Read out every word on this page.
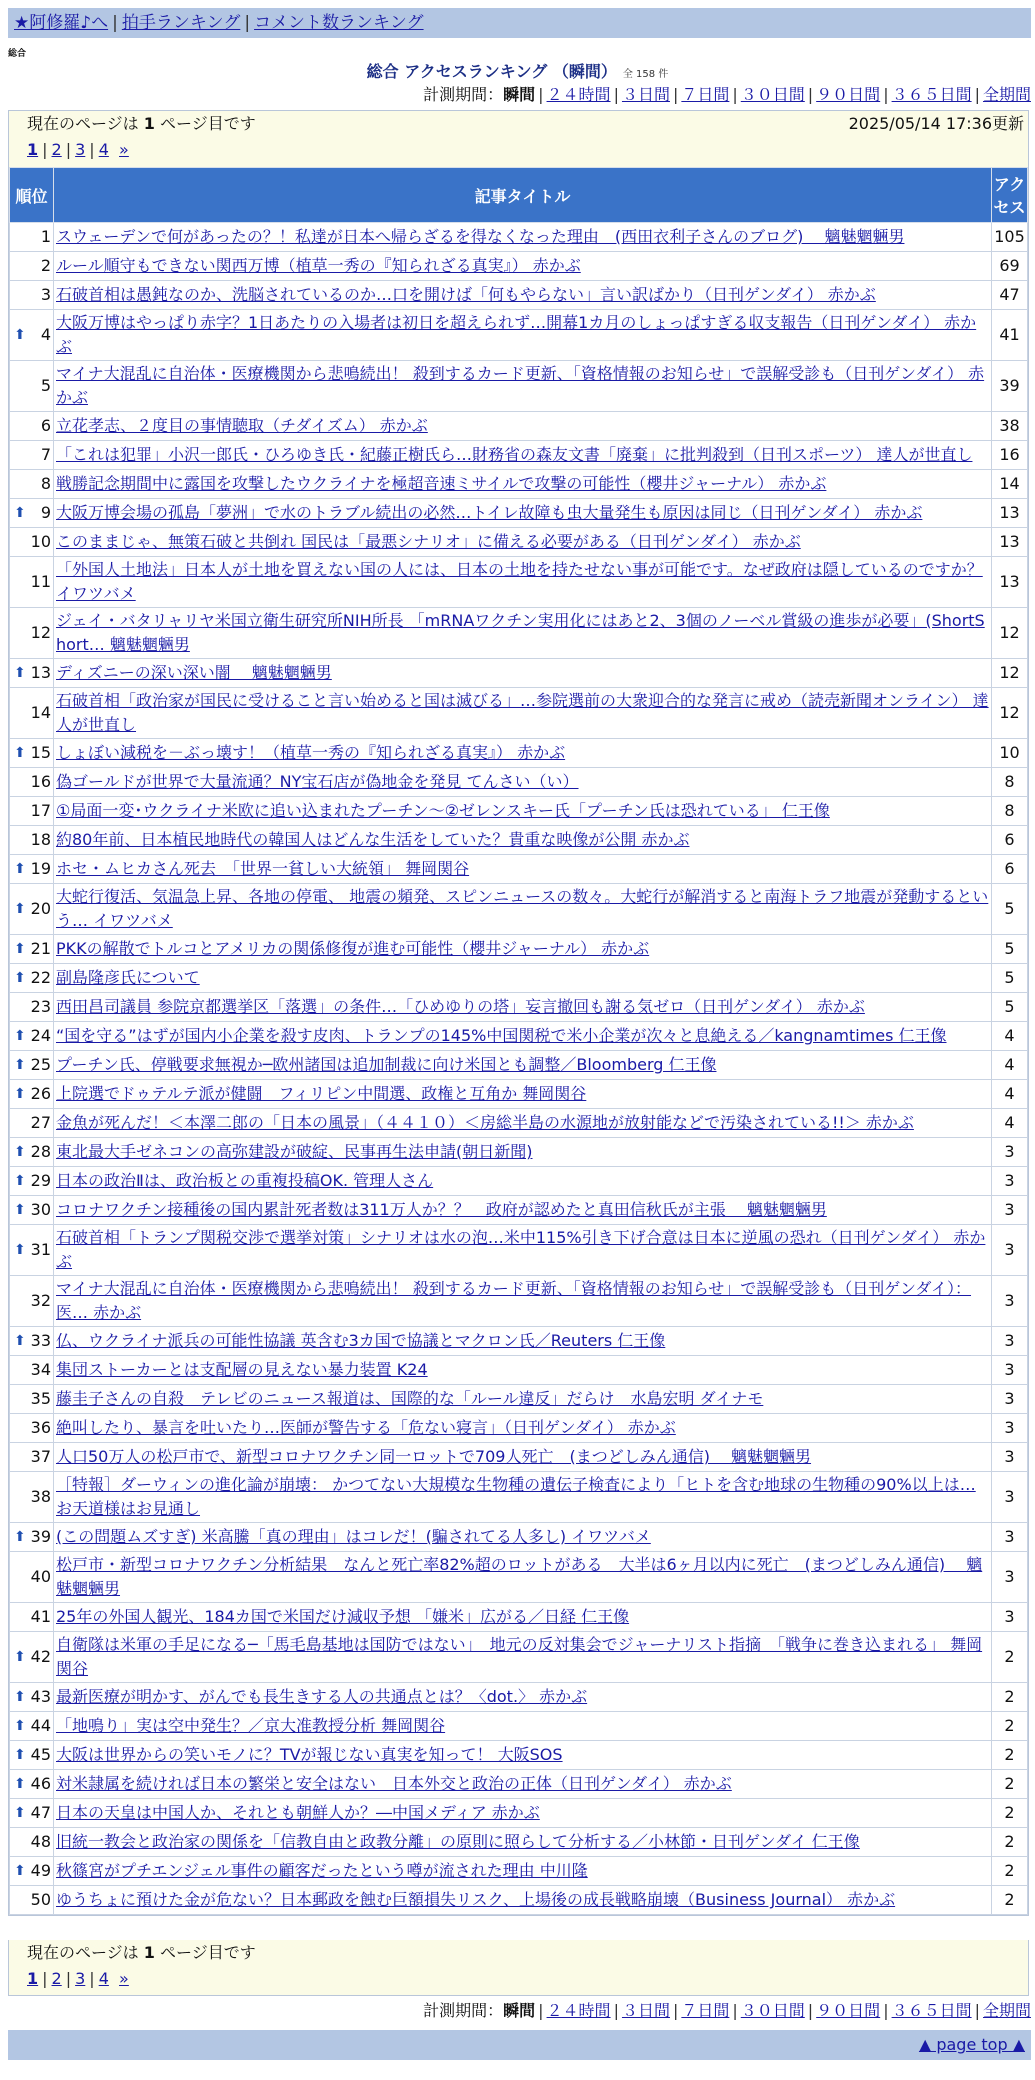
★阿修羅♪へ | 拍手ランキング | コメント数ランキング
総合
総合 アクセスランキング （瞬間） 全 158 件
計測期間：瞬間 | ２４時間 | ３日間 | ７日間 | ３０日間 | ９０日間 | ３６５日間 | 全期間
現在のページは 1 ページ目です	2025/05/14 17:36更新
1 | 2 | 3 | 4 »
順位	記事タイトル	アクセス
1	スウェーデンで何があったの？！私達が日本へ帰らざるを得なくなった理由　(西田衣利子さんのブログ)　 魑魅魍魎男	105
2	ルール順守もできない関西万博（植草一秀の『知られざる真実』） 赤かぶ	69
3	石破首相は愚鈍なのか、洗脳されているのか…口を開けば「何もやらない」言い訳ばかり（日刊ゲンダイ） 赤かぶ	47

⬆ 4	大阪万博はやっぱり赤字？1日あたりの入場者は初日を超えられず…開幕1カ月のしょっぱすぎる収支報告（日刊ゲンダイ） 赤かぶ	41
5	マイナ大混乱に自治体・医療機関から悲鳴続出！ 殺到するカード更新、「資格情報のお知らせ」で誤解受診も（日刊ゲンダイ） 赤かぶ	39
6	立花孝志、２度目の事情聴取（チダイズム） 赤かぶ	38
7	「これは犯罪」小沢一郎氏・ひろゆき氏・紀藤正樹氏ら…財務省の森友文書「廃棄」に批判殺到（日刊スポーツ） 達人が世直し	16
8	戦勝記念期間中に露国を攻撃したウクライナを極超音速ミサイルで攻撃の可能性（櫻井ジャーナル） 赤かぶ	14

⬆ 9	大阪万博会場の孤島「夢洲」で水のトラブル続出の必然…トイレ故障も虫大量発生も原因は同じ（日刊ゲンダイ） 赤かぶ	13
10	このままじゃ、無策石破と共倒れ 国民は「最悪シナリオ」に備える必要がある（日刊ゲンダイ） 赤かぶ	13
11	「外国人土地法」日本人が土地を買えない国の人には、日本の土地を持たせない事が可能です。なぜ政府は隠しているのですか？ イワツバメ	13
12	ジェイ・バタリャリヤ米国立衛生研究所NIH所長 「mRNAワクチン実用化にはあと2、3個のノーベル賞級の進歩が必要」(ShortShort… 魑魅魍魎男	12

⬆ 13	ディズニーの深い深い闇　 魑魅魍魎男	12
14	石破首相「政治家が国民に受けること言い始めると国は滅びる」…参院選前の大衆迎合的な発言に戒め（読売新聞オンライン） 達人が世直し	12

⬆ 15	しょぼい減税を－ぶっ壊す！（植草一秀の『知られざる真実』） 赤かぶ	10
16	偽ゴールドが世界で大量流通？NY宝石店が偽地金を発見 てんさい（い）	8
17	①局面一変･ウクライナ米欧に追い込まれたプーチン～②ゼレンスキー氏「プーチン氏は恐れている」 仁王像	8
18	約80年前、日本植民地時代の韓国人はどんな生活をしていた？貴重な映像が公開 赤かぶ	6

⬆ 19	ホセ・ムヒカさん死去　「世界一貧しい大統領」 舞岡関谷	6

⬆ 20	大蛇行復活、気温急上昇、各地の停電、 地震の頻発、スピンニュースの数々。大蛇行が解消すると南海トラフ地震が発動するという… イワツバメ	5

⬆ 21	PKKの解散でトルコとアメリカの関係修復が進む可能性（櫻井ジャーナル） 赤かぶ	5

⬆ 22	副島隆彦氏について	5
23	西田昌司議員 参院京都選挙区「落選」の条件…「ひめゆりの塔」妄言撤回も謝る気ゼロ（日刊ゲンダイ） 赤かぶ	5

⬆ 24	“国を守る”はずが国内小企業を殺す皮肉、トランプの145%中国関税で米小企業が次々と息絶える／kangnamtimes 仁王像	4

⬆ 25	プーチン氏、停戦要求無視か─欧州諸国は追加制裁に向け米国とも調整／Bloomberg 仁王像	4

⬆ 26	上院選でドゥテルテ派が健闘　フィリピン中間選、政権と互角か 舞岡関谷	4
27	金魚が死んだ！＜本澤二郎の「日本の風景」（４４１０）＜房総半島の水源地が放射能などで汚染されている!!＞ 赤かぶ	4

⬆ 28	東北最大手ゼネコンの高弥建設が破綻、民事再生法申請(朝日新聞)	3

⬆ 29	日本の政治Ⅱは、政治板との重複投稿OK. 管理人さん	3

⬆ 30	コロナワクチン接種後の国内累計死者数は311万人か？？　政府が認めたと真田信秋氏が主張　 魑魅魍魎男	3

⬆ 31	石破首相「トランプ関税交渉で選挙対策」シナリオは水の泡…米中115%引き下げ合意は日本に逆風の恐れ（日刊ゲンダイ） 赤かぶ	3
32	マイナ大混乱に自治体・医療機関から悲鳴続出！ 殺到するカード更新、「資格情報のお知らせ」で誤解受診も（日刊ゲンダイ）：医… 赤かぶ	3

⬆ 33	仏、ウクライナ派兵の可能性協議 英含む3カ国で協議とマクロン氏／Reuters 仁王像	3
34	集団ストーカーとは支配層の見えない暴力装置 K24	3
35	藤圭子さんの自殺　テレビのニュース報道は、国際的な「ルール違反」だらけ　水島宏明 ダイナモ	3
36	絶叫したり、暴言を吐いたり…医師が警告する「危ない寝言」（日刊ゲンダイ） 赤かぶ	3
37	人口50万人の松戸市で、新型コロナワクチン同一ロットで709人死亡　(まつどしみん通信)　 魑魅魍魎男	3
38	［特報］ダーウィンの進化論が崩壊： かつてない大規模な生物種の遺伝子検査により「ヒトを含む地球の生物種の90%以上は…お天道様はお見通し	3

⬆ 39	(この問題ムズすぎ) 米高騰「真の理由」はコレだ！(騙されてる人多し) イワツバメ	3
40	松戸市・新型コロナワクチン分析結果　なんと死亡率82%超のロットがある　大半は6ヶ月以内に死亡　(まつどしみん通信)　 魑魅魍魎男	3
41	25年の外国人観光、184カ国で米国だけ減収予想 「嫌米」広がる／日経 仁王像	3

⬆ 42	自衛隊は米軍の手足になる─「馬毛島基地は国防ではない」　地元の反対集会でジャーナリスト指摘　「戦争に巻き込まれる」 舞岡関谷	2

⬆ 43	最新医療が明かす、がんでも長生きする人の共通点とは？〈dot.〉 赤かぶ	2

⬆ 44	「地鳴り」実は空中発生？／京大准教授分析 舞岡関谷	2

⬆ 45	大阪は世界からの笑いモノに？TVが報じない真実を知って！ 大阪SOS	2

⬆ 46	対米隷属を続ければ日本の繁栄と安全はない　日本外交と政治の正体（日刊ゲンダイ） 赤かぶ	2

⬆ 47	日本の天皇は中国人か、それとも朝鮮人か？―中国メディア 赤かぶ	2
48	旧統一教会と政治家の関係を「信教自由と政教分離」の原則に照らして分析する／小林節・日刊ゲンダイ 仁王像	2

⬆ 49	秋篠宮がプチエンジェル事件の顧客だったという噂が流された理由 中川隆	2
50	ゆうちょに預けた金が危ない？日本郵政を蝕む巨額損失リスク、上場後の成長戦略崩壊（Business Journal） 赤かぶ	2
現在のページは 1 ページ目です
1 | 2 | 3 | 4 »
計測期間：瞬間 | ２４時間 | ３日間 | ７日間 | ３０日間 | ９０日間 | ３６５日間 | 全期間
▲ page top ▲
